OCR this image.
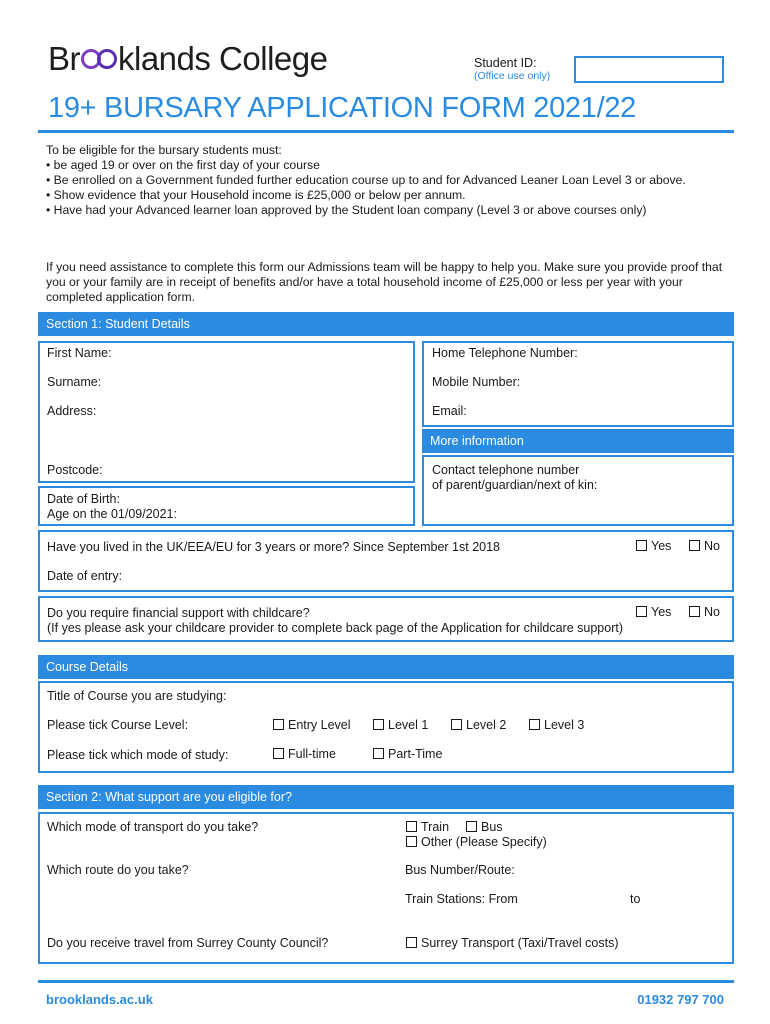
Br klands College	Student ID:
(Office use only)
19+ BURSARY APPLICATION FORM 2021/22
To be eligible for the bursary students must:
• be aged 19 or over on the first day of your course
• Be enrolled on a Government funded further education course up to and for Advanced Leaner Loan Level 3 or above.
• Show evidence that your Household income is £25,000 or below per annum.
• Have had your Advanced learner loan approved by the Student loan company (Level 3 or above courses only)
If you need assistance to complete this form our Admissions team will be happy to help you. Make sure you provide proof that you or your family are in receipt of benefits and/or have a total household income of £25,000 or less per year with your completed application form.
Section 1: Student Details
More information
First Name:
Surname:
Address:
Postcode:
Date of Birth:
Age on the 01/09/2021:
Home Telephone Number:
Mobile Number:
Email:
Contact telephone number
of parent/guardian/next of kin:
Have you lived in the UK/EEA/EU for 3 years or more? Since September 1st 2018	Yes	No
Date of entry:
Do you require financial support with childcare?	Yes	No
(If yes please ask your childcare provider to complete back page of the Application for childcare support)
Course Details
Title of Course you are studying:
Please tick Course Level:	Entry Level	Level 1	Level 2	Level 3
Please tick which mode of study:	Full-time	Part-Time
Section 2: What support are you eligible for?
Which mode of transport do you take?	Train	Bus
Other (Please Specify)
Which route do you take?	Bus Number/Route:
Train Stations: From	to
Do you receive travel from Surrey County Council?	Surrey Transport (Taxi/Travel costs)
brooklands.ac.uk	01932 797 700
